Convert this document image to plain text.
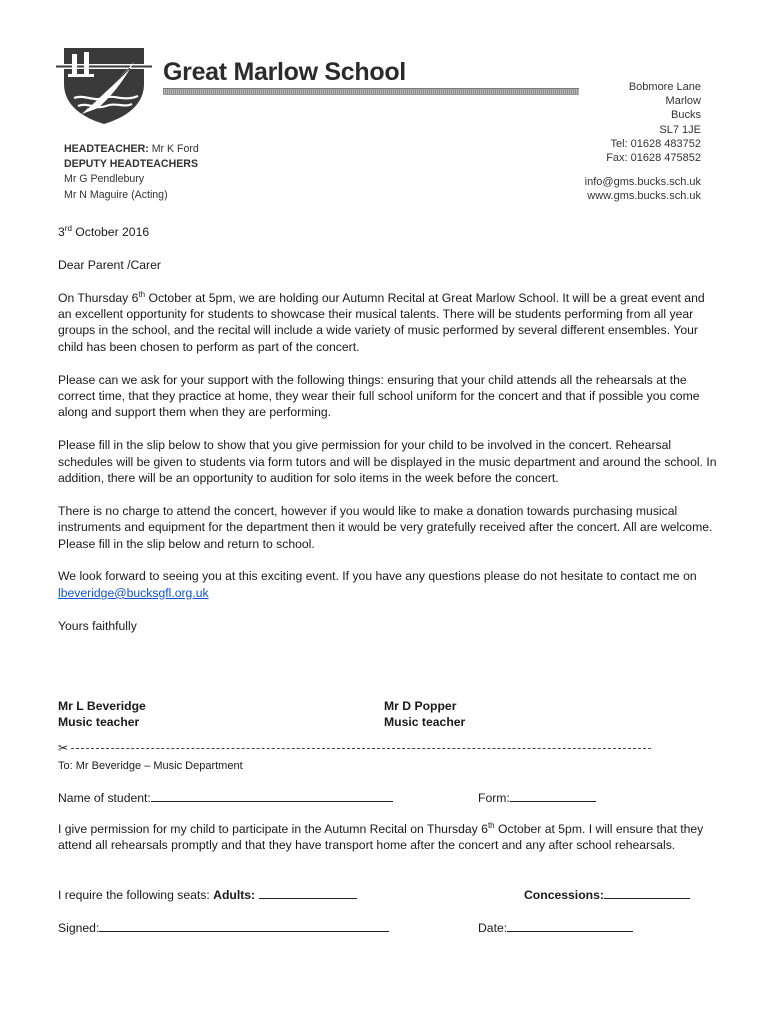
Great Marlow School
Bobmore Lane
Marlow
Bucks
SL7 1JE
Tel: 01628 483752
Fax: 01628 475852
info@gms.bucks.sch.uk
www.gms.bucks.sch.uk
HEADTEACHER: Mr K Ford
DEPUTY HEADTEACHERS
Mr G Pendlebury
Mr N Maguire (Acting)

3rd October 2016

Dear Parent /Carer

On Thursday 6th October at 5pm, we are holding our Autumn Recital at Great Marlow School. It will be a great event and an excellent opportunity for students to showcase their musical talents. There will be students performing from all year groups in the school, and the recital will include a wide variety of music performed by several different ensembles. Your child has been chosen to perform as part of the concert.

Please can we ask for your support with the following things: ensuring that your child attends all the rehearsals at the correct time, that they practice at home, they wear their full school uniform for the concert and that if possible you come along and support them when they are performing.

Please fill in the slip below to show that you give permission for your child to be involved in the concert. Rehearsal schedules will be given to students via form tutors and will be displayed in the music department and around the school. In addition, there will be an opportunity to audition for solo items in the week before the concert.

There is no charge to attend the concert, however if you would like to make a donation towards purchasing musical instruments and equipment for the department then it would be very gratefully received after the concert. All are welcome. Please fill in the slip below and return to school.

We look forward to seeing you at this exciting event. If you have any questions please do not hesitate to contact me on lbeveridge@bucksgfl.org.uk

Yours faithfully

Mr L Beveridge
Music teacher
Mr D Popper
Music teacher
✂
To: Mr Beveridge – Music Department
Name of student:	Form:
I give permission for my child to participate in the Autumn Recital on Thursday 6th October at 5pm. I will ensure that they attend all rehearsals promptly and that they have transport home after the concert and any after school rehearsals.
I require the following seats: Adults:	Concessions:
Signed:	Date:
